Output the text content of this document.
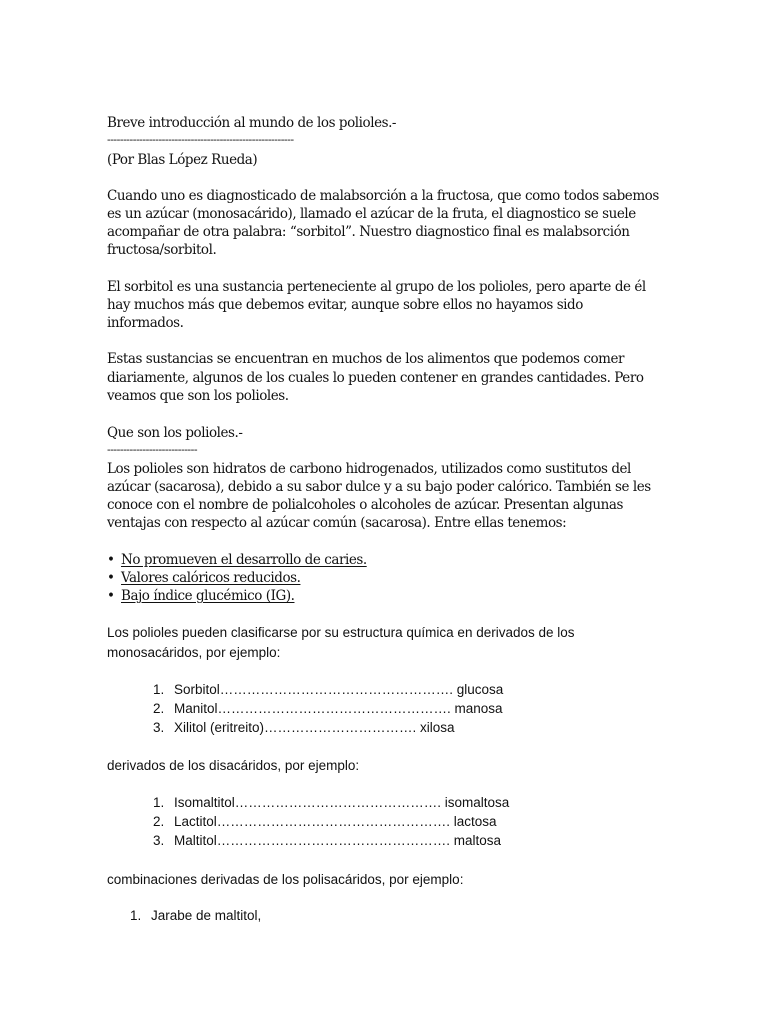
Breve introducción al mundo de los polioles.-
----------------------------------------------------------
(Por Blas López Rueda)
Cuando uno es diagnosticado de malabsorción a la fructosa, que como todos sabemos
es un azúcar (monosacárido), llamado el azúcar de la fruta, el diagnostico se suele
acompañar de otra palabra: “sorbitol”. Nuestro diagnostico final es malabsorción
fructosa/sorbitol.
El sorbitol es una sustancia perteneciente al grupo de los polioles, pero aparte de él
hay muchos más que debemos evitar, aunque sobre ellos no hayamos sido
informados.
Estas sustancias se encuentran en muchos de los alimentos que podemos comer
diariamente, algunos de los cuales lo pueden contener en grandes cantidades. Pero
veamos que son los polioles.
Que son los polioles.-
----------------------------
Los polioles son hidratos de carbono hidrogenados, utilizados como sustitutos del
azúcar (sacarosa), debido a su sabor dulce y a su bajo poder calórico. También se les
conoce con el nombre de polialcoholes o alcoholes de azúcar. Presentan algunas
ventajas con respecto al azúcar común (sacarosa). Entre ellas tenemos:
• No promueven el desarrollo de caries.
• Valores calóricos reducidos.
• Bajo índice glucémico (IG).
Los polioles pueden clasificarse por su estructura química en derivados de los
monosacáridos, por ejemplo:
1. Sorbitol……………………………………………. glucosa
2. Manitol……………………………………………. manosa
3. Xilitol (eritreito)……………………………. xilosa
derivados de los disacáridos, por ejemplo:
1. Isomaltitol………………………………………. isomaltosa
2. Lactitol……………………………………………. lactosa
3. Maltitol……………………………………………. maltosa
combinaciones derivadas de los polisacáridos, por ejemplo:
1. Jarabe de maltitol,
